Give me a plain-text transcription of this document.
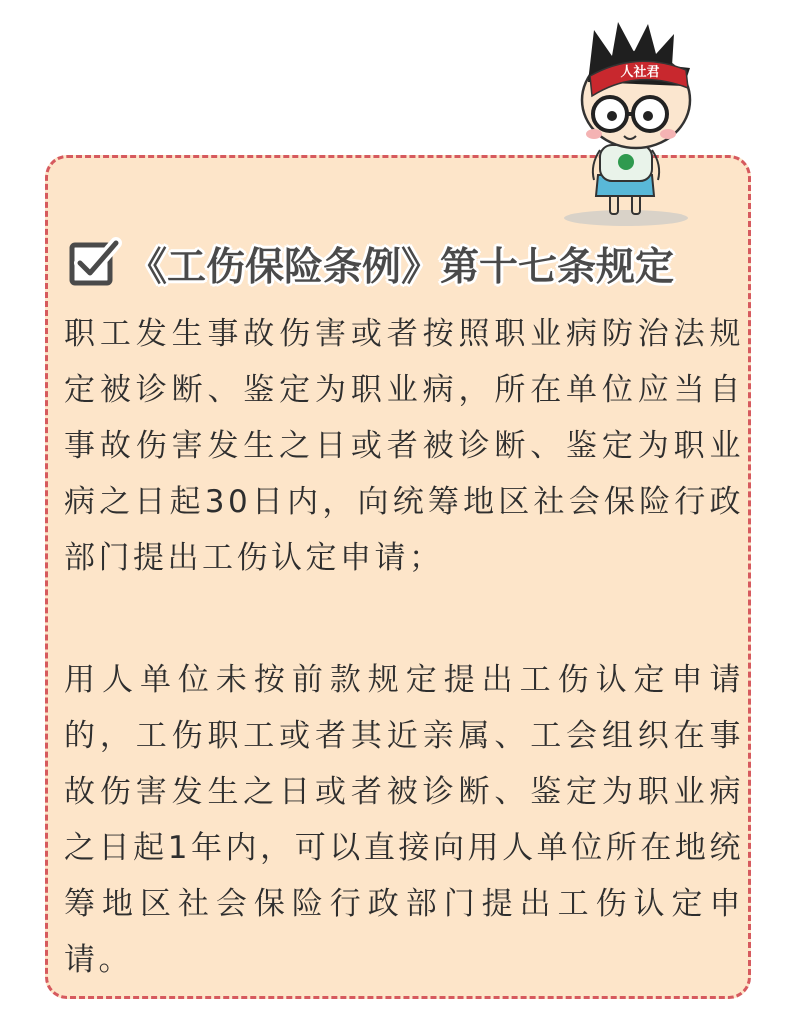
人社君
《工伤保险条例》第十七条规定

职工发生事故伤害或者按照职业病防治法规定被诊断、鉴定为职业病，所在单位应当自事故伤害发生之日或者被诊断、鉴定为职业病之日起30日内，向统筹地区社会保险行政部门提出工伤认定申请；

用人单位未按前款规定提出工伤认定申请的，工伤职工或者其近亲属、工会组织在事故伤害发生之日或者被诊断、鉴定为职业病之日起1年内，可以直接向用人单位所在地统筹地区社会保险行政部门提出工伤认定申请。
